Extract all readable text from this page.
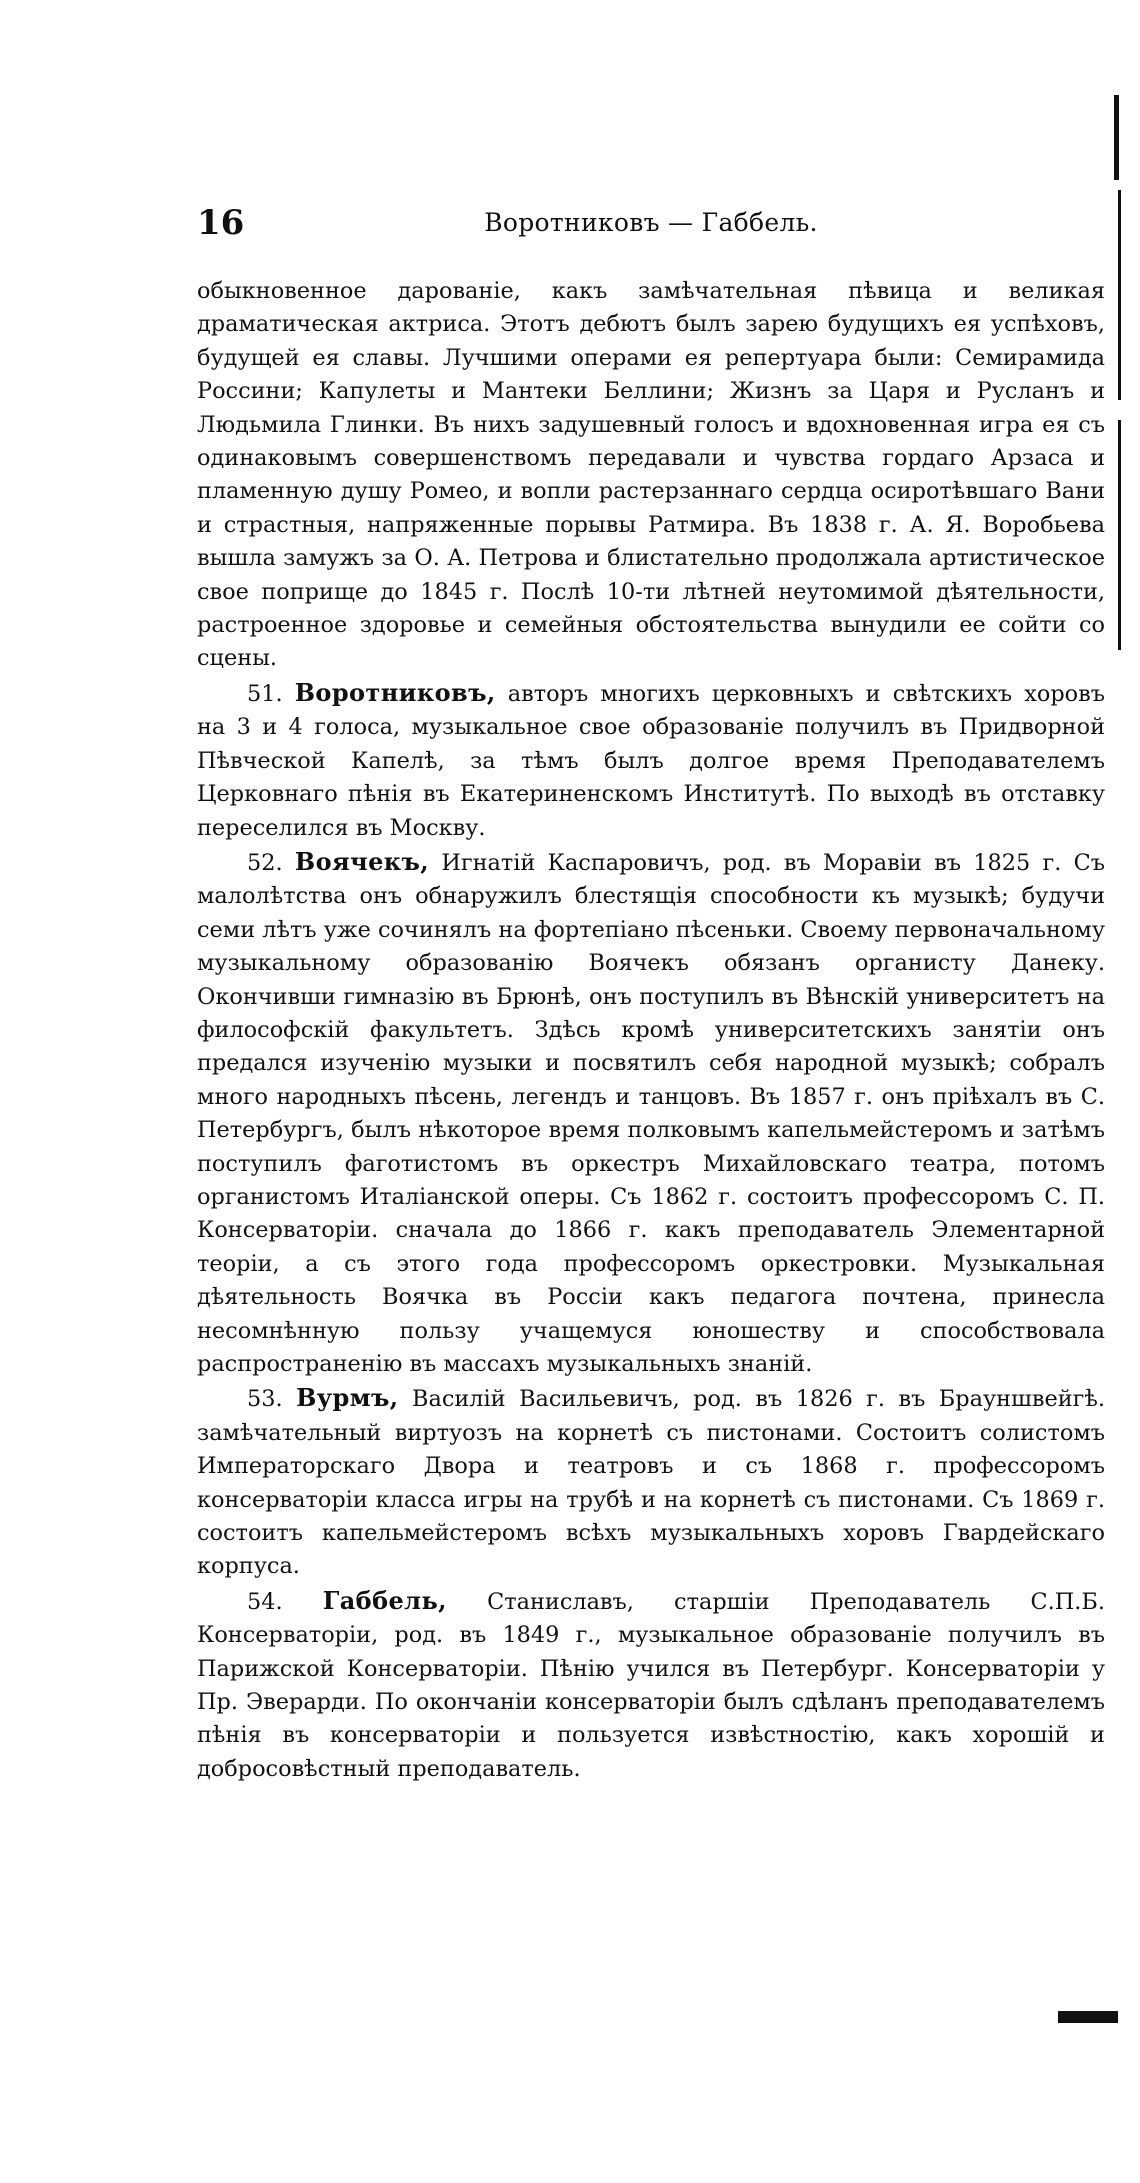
16	Воротниковъ — Габбель.

обыкновенное дарованіе, какъ замѣчательная пѣвица и великая драматическая актриса. Этотъ дебютъ былъ зарею будущихъ ея успѣховъ, будущей ея славы. Лучшими операми ея репертуара были: Семирамида Россини; Капулеты и Мантеки Беллини; Жизнъ за Царя и Русланъ и Людьмила Глинки. Въ нихъ задушевный голосъ и вдохновенная игра ея съ одинаковымъ совершенствомъ передавали и чувства гордаго Арзаса и пламенную душу Ромео, и вопли растерзаннаго сердца осиротѣвшаго Вани и страстныя, напряженные порывы Ратмира. Въ 1838 г. А. Я. Воробьева вышла замужъ за О. А. Петрова и блистательно продолжала артистическое свое поприще до 1845 г. Послѣ 10-ти лѣтней неутомимой дѣятельности, растроенное здоровье и семейныя обстоятельства вынудили ее сойти со сцены.

51. Воротниковъ, авторъ многихъ церковныхъ и свѣтскихъ хоровъ на 3 и 4 голоса, музыкальное свое образованіе получилъ въ Придворной Пѣвческой Капелѣ, за тѣмъ былъ долгое время Преподавателемъ Церковнаго пѣнія въ Екатериненскомъ Институтѣ. По выходѣ въ отставку переселился въ Москву.

52. Воячекъ, Игнатій Каспаровичъ, род. въ Моравіи въ 1825 г. Съ малолѣтства онъ обнаружилъ блестящія способности къ музыкѣ; будучи семи лѣтъ уже сочинялъ на фортепіано пѣсеньки. Своему первоначальному музыкальному образованію Воячекъ обязанъ органисту Данеку. Окончивши гимназію въ Брюнѣ, онъ поступилъ въ Вѣнскій университетъ на философскій факультетъ. Здѣсь кромѣ университетскихъ занятіи онъ предался изученію музыки и посвятилъ себя народной музыкѣ; собралъ много народныхъ пѣсень, легендъ и танцовъ. Въ 1857 г. онъ пріѣхалъ въ С. Петербургъ, былъ нѣкоторое время полковымъ капельмейстеромъ и затѣмъ поступилъ фаготистомъ въ оркестръ Михайловскаго театра, потомъ органистомъ Италіанской оперы. Съ 1862 г. состоитъ профессоромъ С. П. Консерваторіи. сначала до 1866 г. какъ преподаватель Элементарной теоріи, а съ этого года профессоромъ оркестровки. Музыкальная дѣятельность Воячка въ Россіи какъ педагога почтена, принесла несомнѣнную пользу учащемуся юношеству и способствовала распространенію въ массахъ музыкальныхъ знаній.

53. Вурмъ, Василій Васильевичъ, род. въ 1826 г. въ Брауншвейгѣ. замѣчательный виртуозъ на корнетѣ съ пистонами. Состоитъ солистомъ Императорскаго Двора и театровъ и съ 1868 г. профессоромъ консерваторіи класса игры на трубѣ и на корнетѣ съ пистонами. Съ 1869 г. состоитъ капельмейстеромъ всѣхъ музыкальныхъ хоровъ Гвардейскаго корпуса.

54. Габбель, Станиславъ, старшiи Преподаватель С.П.Б. Консерваторіи, род. въ 1849 г., музыкальное образованіе получилъ въ Парижской Консерваторіи. Пѣнію учился въ Петербург. Консерваторіи у Пр. Эверарди. По окончаніи консерваторіи былъ сдѣланъ преподавателемъ пѣнія въ консерваторіи и пользуется извѣстностію, какъ хорошій и добросовѣстный преподаватель.
